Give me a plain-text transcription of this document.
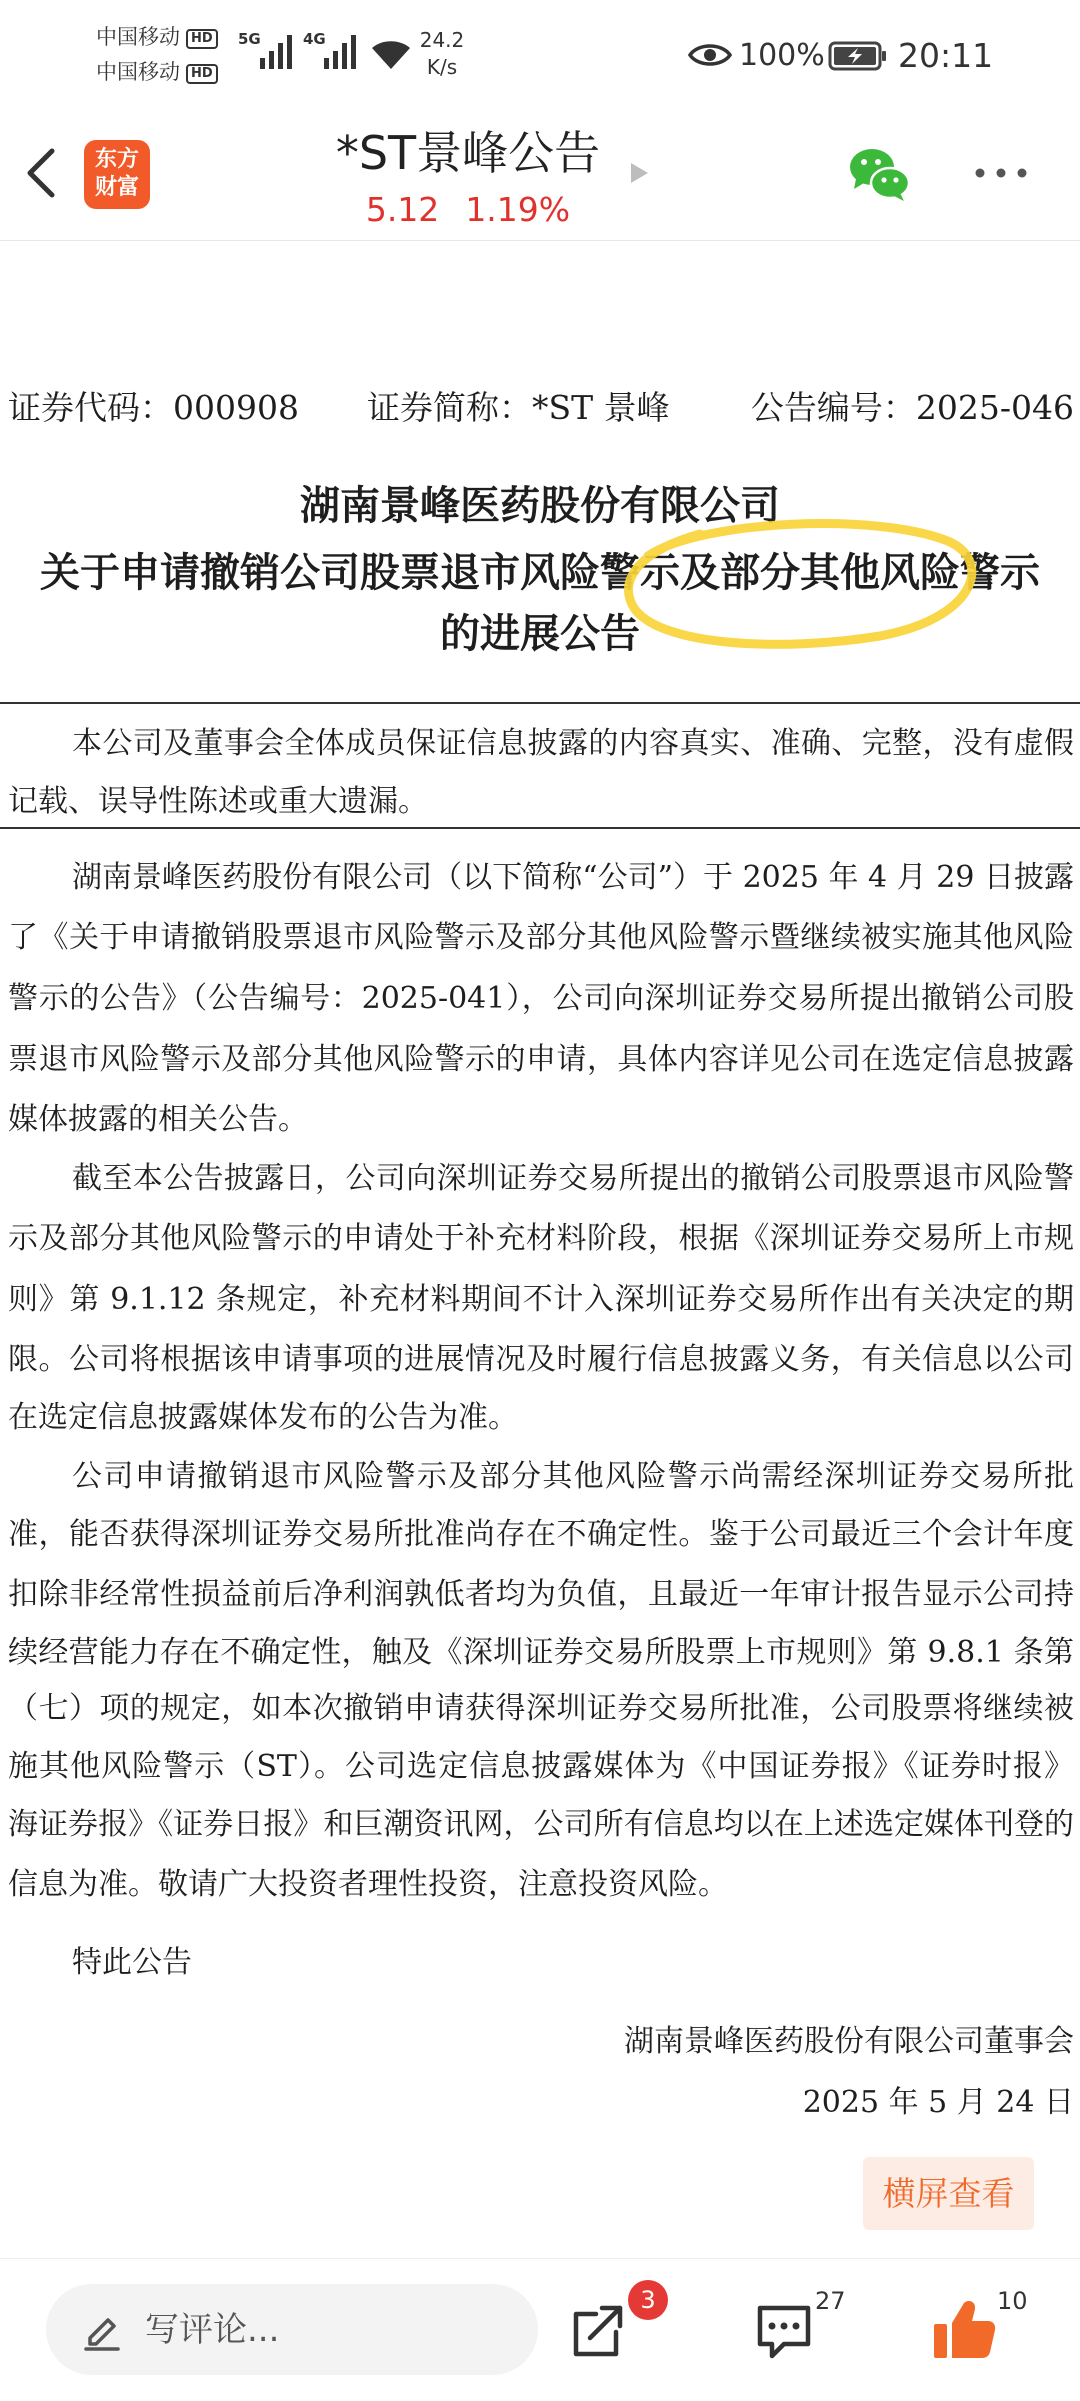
中国移动 HD
中国移动 HD
5G	4G	24.2
K/s	100% 20:11
东方
财富
*ST景峰公告
5.12 1.19%
证券代码：000908 证券简称：*ST 景峰 公告编号：2025-046
湖南景峰医药股份有限公司
关于申请撤销公司股票退市风险警示及部分其他风险警示
的进展公告
本公司及董事会全体成员保证信息披露的内容真实、准确、完整，没有虚假
记载、误导性陈述或重大遗漏。
湖南景峰医药股份有限公司（以下简称“公司”）于 2025 年 4 月 29 日披露
了《关于申请撤销股票退市风险警示及部分其他风险警示暨继续被实施其他风险
警示的公告》（公告编号：2025-041），公司向深圳证券交易所提出撤销公司股
票退市风险警示及部分其他风险警示的申请，具体内容详见公司在选定信息披露
媒体披露的相关公告。
截至本公告披露日，公司向深圳证券交易所提出的撤销公司股票退市风险警
示及部分其他风险警示的申请处于补充材料阶段，根据《深圳证券交易所上市规
则》第 9.1.12 条规定，补充材料期间不计入深圳证券交易所作出有关决定的期
限。公司将根据该申请事项的进展情况及时履行信息披露义务，有关信息以公司
在选定信息披露媒体发布的公告为准。
公司申请撤销退市风险警示及部分其他风险警示尚需经深圳证券交易所批
准，能否获得深圳证券交易所批准尚存在不确定性。鉴于公司最近三个会计年度
扣除非经常性损益前后净利润孰低者均为负值，且最近一年审计报告显示公司持
续经营能力存在不确定性，触及《深圳证券交易所股票上市规则》第 9.8.1 条第
（七）项的规定，如本次撤销申请获得深圳证券交易所批准，公司股票将继续被
施其他风险警示（ST）。公司选定信息披露媒体为《中国证券报》《证券时报》
海证券报》《证券日报》和巨潮资讯网，公司所有信息均以在上述选定媒体刊登的
信息为准。敬请广大投资者理性投资，注意投资风险。
特此公告
湖南景峰医药股份有限公司董事会
2025 年 5 月 24 日
横屏查看
写评论...
3	27	10
